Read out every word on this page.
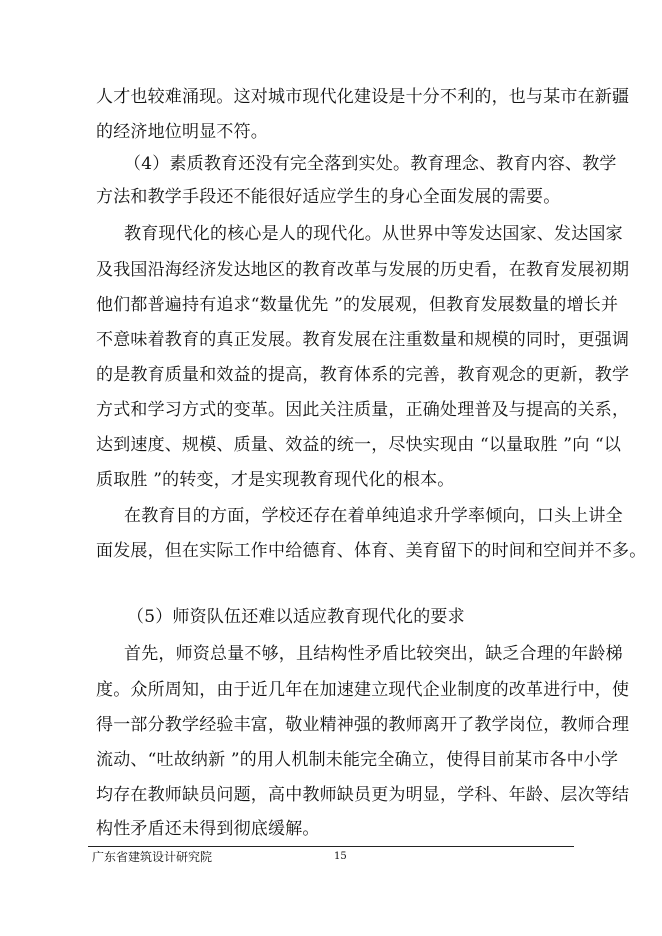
人才也较难涌现。这对城市现代化建设是十分不利的，也与某市在新疆
的经济地位明显不符。
（4）素质教育还没有完全落到实处。教育理念、教育内容、教学
方法和教学手段还不能很好适应学生的身心全面发展的需要。
教育现代化的核心是人的现代化。从世界中等发达国家、发达国家
及我国沿海经济发达地区的教育改革与发展的历史看，在教育发展初期
他们都普遍持有追求“数量优先 ”的发展观，但教育发展数量的增长并
不意味着教育的真正发展。教育发展在注重数量和规模的同时，更强调
的是教育质量和效益的提高，教育体系的完善，教育观念的更新，教学
方式和学习方式的变革。因此关注质量，正确处理普及与提高的关系，
达到速度、规模、质量、效益的统一，尽快实现由 “以量取胜 ”向 “以
质取胜 ”的转变，才是实现教育现代化的根本。
在教育目的方面，学校还存在着单纯追求升学率倾向，口头上讲全
面发展，但在实际工作中给德育、体育、美育留下的时间和空间并不多。
（5）师资队伍还难以适应教育现代化的要求
首先，师资总量不够，且结构性矛盾比较突出，缺乏合理的年龄梯
度。众所周知，由于近几年在加速建立现代企业制度的改革进行中，使
得一部分教学经验丰富，敬业精神强的教师离开了教学岗位，教师合理
流动、“吐故纳新 ”的用人机制未能完全确立，使得目前某市各中小学
均存在教师缺员问题，高中教师缺员更为明显，学科、年龄、层次等结
构性矛盾还未得到彻底缓解。
广东省建筑设计研究院	15
